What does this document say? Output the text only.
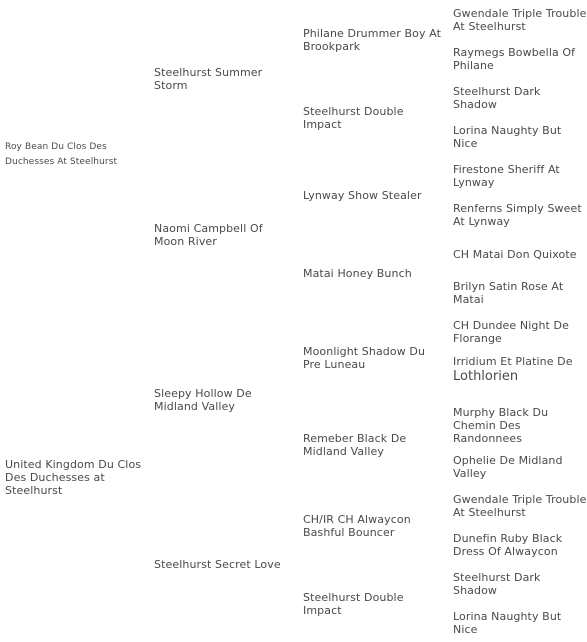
Roy Bean Du Clos Des Duchesses At Steelhurst
United Kingdom Du Clos Des Duchesses at Steelhurst
Steelhurst Summer Storm
Naomi Campbell Of Moon River
Sleepy Hollow De Midland Valley
Steelhurst Secret Love
Philane Drummer Boy At Brookpark
Steelhurst Double Impact
Lynway Show Stealer
Matai Honey Bunch
Moonlight Shadow Du Pre Luneau
Remeber Black De Midland Valley
CH/IR CH Alwaycon Bashful Bouncer
Steelhurst Double Impact
Gwendale Triple Trouble At Steelhurst
Raymegs Bowbella Of Philane
Steelhurst Dark Shadow
Lorina Naughty But Nice
Firestone Sheriff At Lynway
Renferns Simply Sweet At Lynway
CH Matai Don Quixote
Brilyn Satin Rose At Matai
CH Dundee Night De Florange
Irridium Et Platine De
Lothlorien
Murphy Black Du Chemin Des Randonnees
Ophelie De Midland Valley
Gwendale Triple Trouble At Steelhurst
Dunefin Ruby Black Dress Of Alwaycon
Steelhurst Dark Shadow
Lorina Naughty But Nice
